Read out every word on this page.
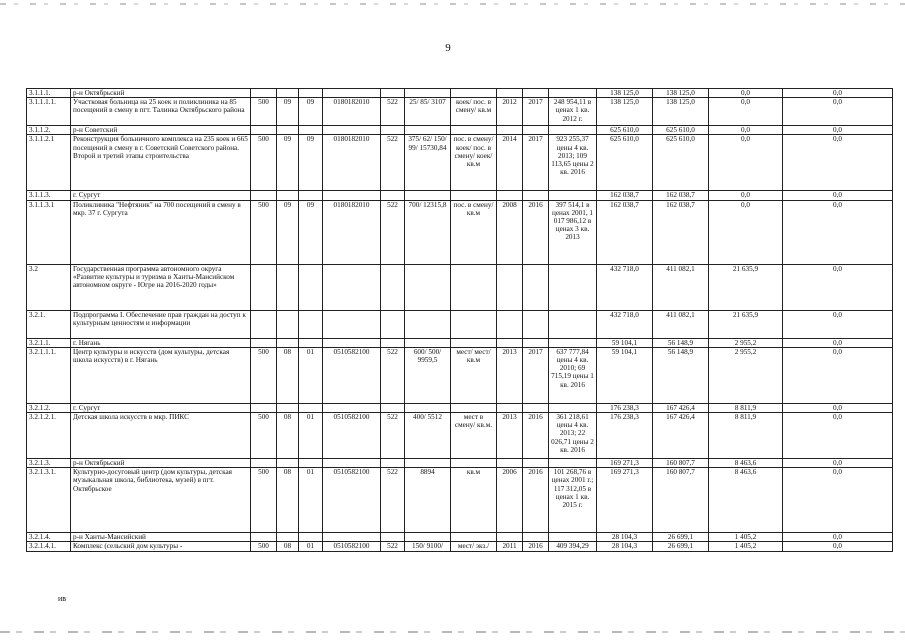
9
3.1.1.1.	р-н Октябрьский											138 125,0	138 125,0	0,0	0,0
3.1.1.1.1.	Участковая больница на 25 коек и поликлиника на 85 посещений в смену в пгт. Талинка Октябрьского района	500	09	09	0180182010	522	25/ 85/ 3107	коек/ пос. в смену/ кв.м	2012	2017	248 954,11 в ценах 1 кв. 2012 г.	138 125,0	138 125,0	0,0	0,0
3.1.1.2.	р-н Советский											625 610,0	625 610,0	0,0	0,0
3.1.1.2.1	Реконструкция больничного комплекса на 235 коек и 665 посещений в смену в г. Советский Советского района. Второй и третий этапы строительства	500	09	09	0180182010	522	375/ 62/ 150/ 99/ 15730,84	пос. в смену/ коек/ пос. в смену/ коек/ кв.м	2014	2017	923 255,37 цены 4 кв. 2013; 109 113,65 цены 2 кв. 2016	625 610,0	625 610,0	0,0	0,0
3.1.1.3.	г. Сургут											162 038,7	162 038,7	0,0	0,0
3.1.1.3.1	Поликлиника "Нефтяник" на 700 посещений в смену в мкр. 37 г. Сургута	500	09	09	0180182010	522	700/ 12315,8	пос. в смену/ кв.м	2008	2016	397 514,1 в ценах 2001, 1 017 986,12 в ценах 3 кв. 2013	162 038,7	162 038,7	0,0	0,0
3.2	Государственная программа автономного округа «Развитие культуры и туризма в Ханты-Мансийском автономном округе - Югре на 2016-2020 годы»											432 718,0	411 082,1	21 635,9	0,0
3.2.1.	Подпрограмма I. Обеспечение прав граждан на доступ к культурным ценностям и информации											432 718,0	411 082,1	21 635,9	0,0
3.2.1.1.	г. Нягань											59 104,1	56 148,9	2 955,2	0,0
3.2.1.1.1.	Центр культуры и искусств (дом культуры, детская школа искусств) в г. Нягань	500	08	01	0510582100	522	600/ 500/ 9959,5	мест/ мест/ кв.м	2013	2017	637 777,84 цены 4 кв. 2010; 69 715,19 цены 1 кв. 2016	59 104,1	56 148,9	2 955,2	0,0
3.2.1.2.	г. Сургут											176 238,3	167 426,4	8 811,9	0,0
3.2.1.2.1.	Детская школа искусств в мкр. ПИКС	500	08	01	0510582100	522	400/ 5512	мест в смену/ кв.м.	2013	2016	361 218,61 цены 4 кв. 2013; 22 026,71 цены 2 кв. 2016	176 238,3	167 426,4	8 811,9	0,0
3.2.1.3.	р-н Октябрьский											169 271,3	160 807,7	8 463,6	0,0
3.2.1.3.1.	Культурно-досуговый центр (дом культуры, детская музыкальная школа, библиотека, музей) в пгт. Октябрьское	500	08	01	0510582100	522	8894	кв.м	2006	2016	101 268,76 в ценах 2001 г.; 117 312,05 в ценах 1 кв. 2015 г.	169 271,3	160 807,7	8 463,6	0,0
3.2.1.4.	р-н Ханты-Мансийский											28 104,3	26 699,1	1 405,2	0,0
3.2.1.4.1.	Комплекс (сельский дом культуры -	500	08	01	0510582100	522	150/ 9100/	мест/ экз./	2011	2016	409 394,29	28 104,3	26 699,1	1 405,2	0,0
ив
